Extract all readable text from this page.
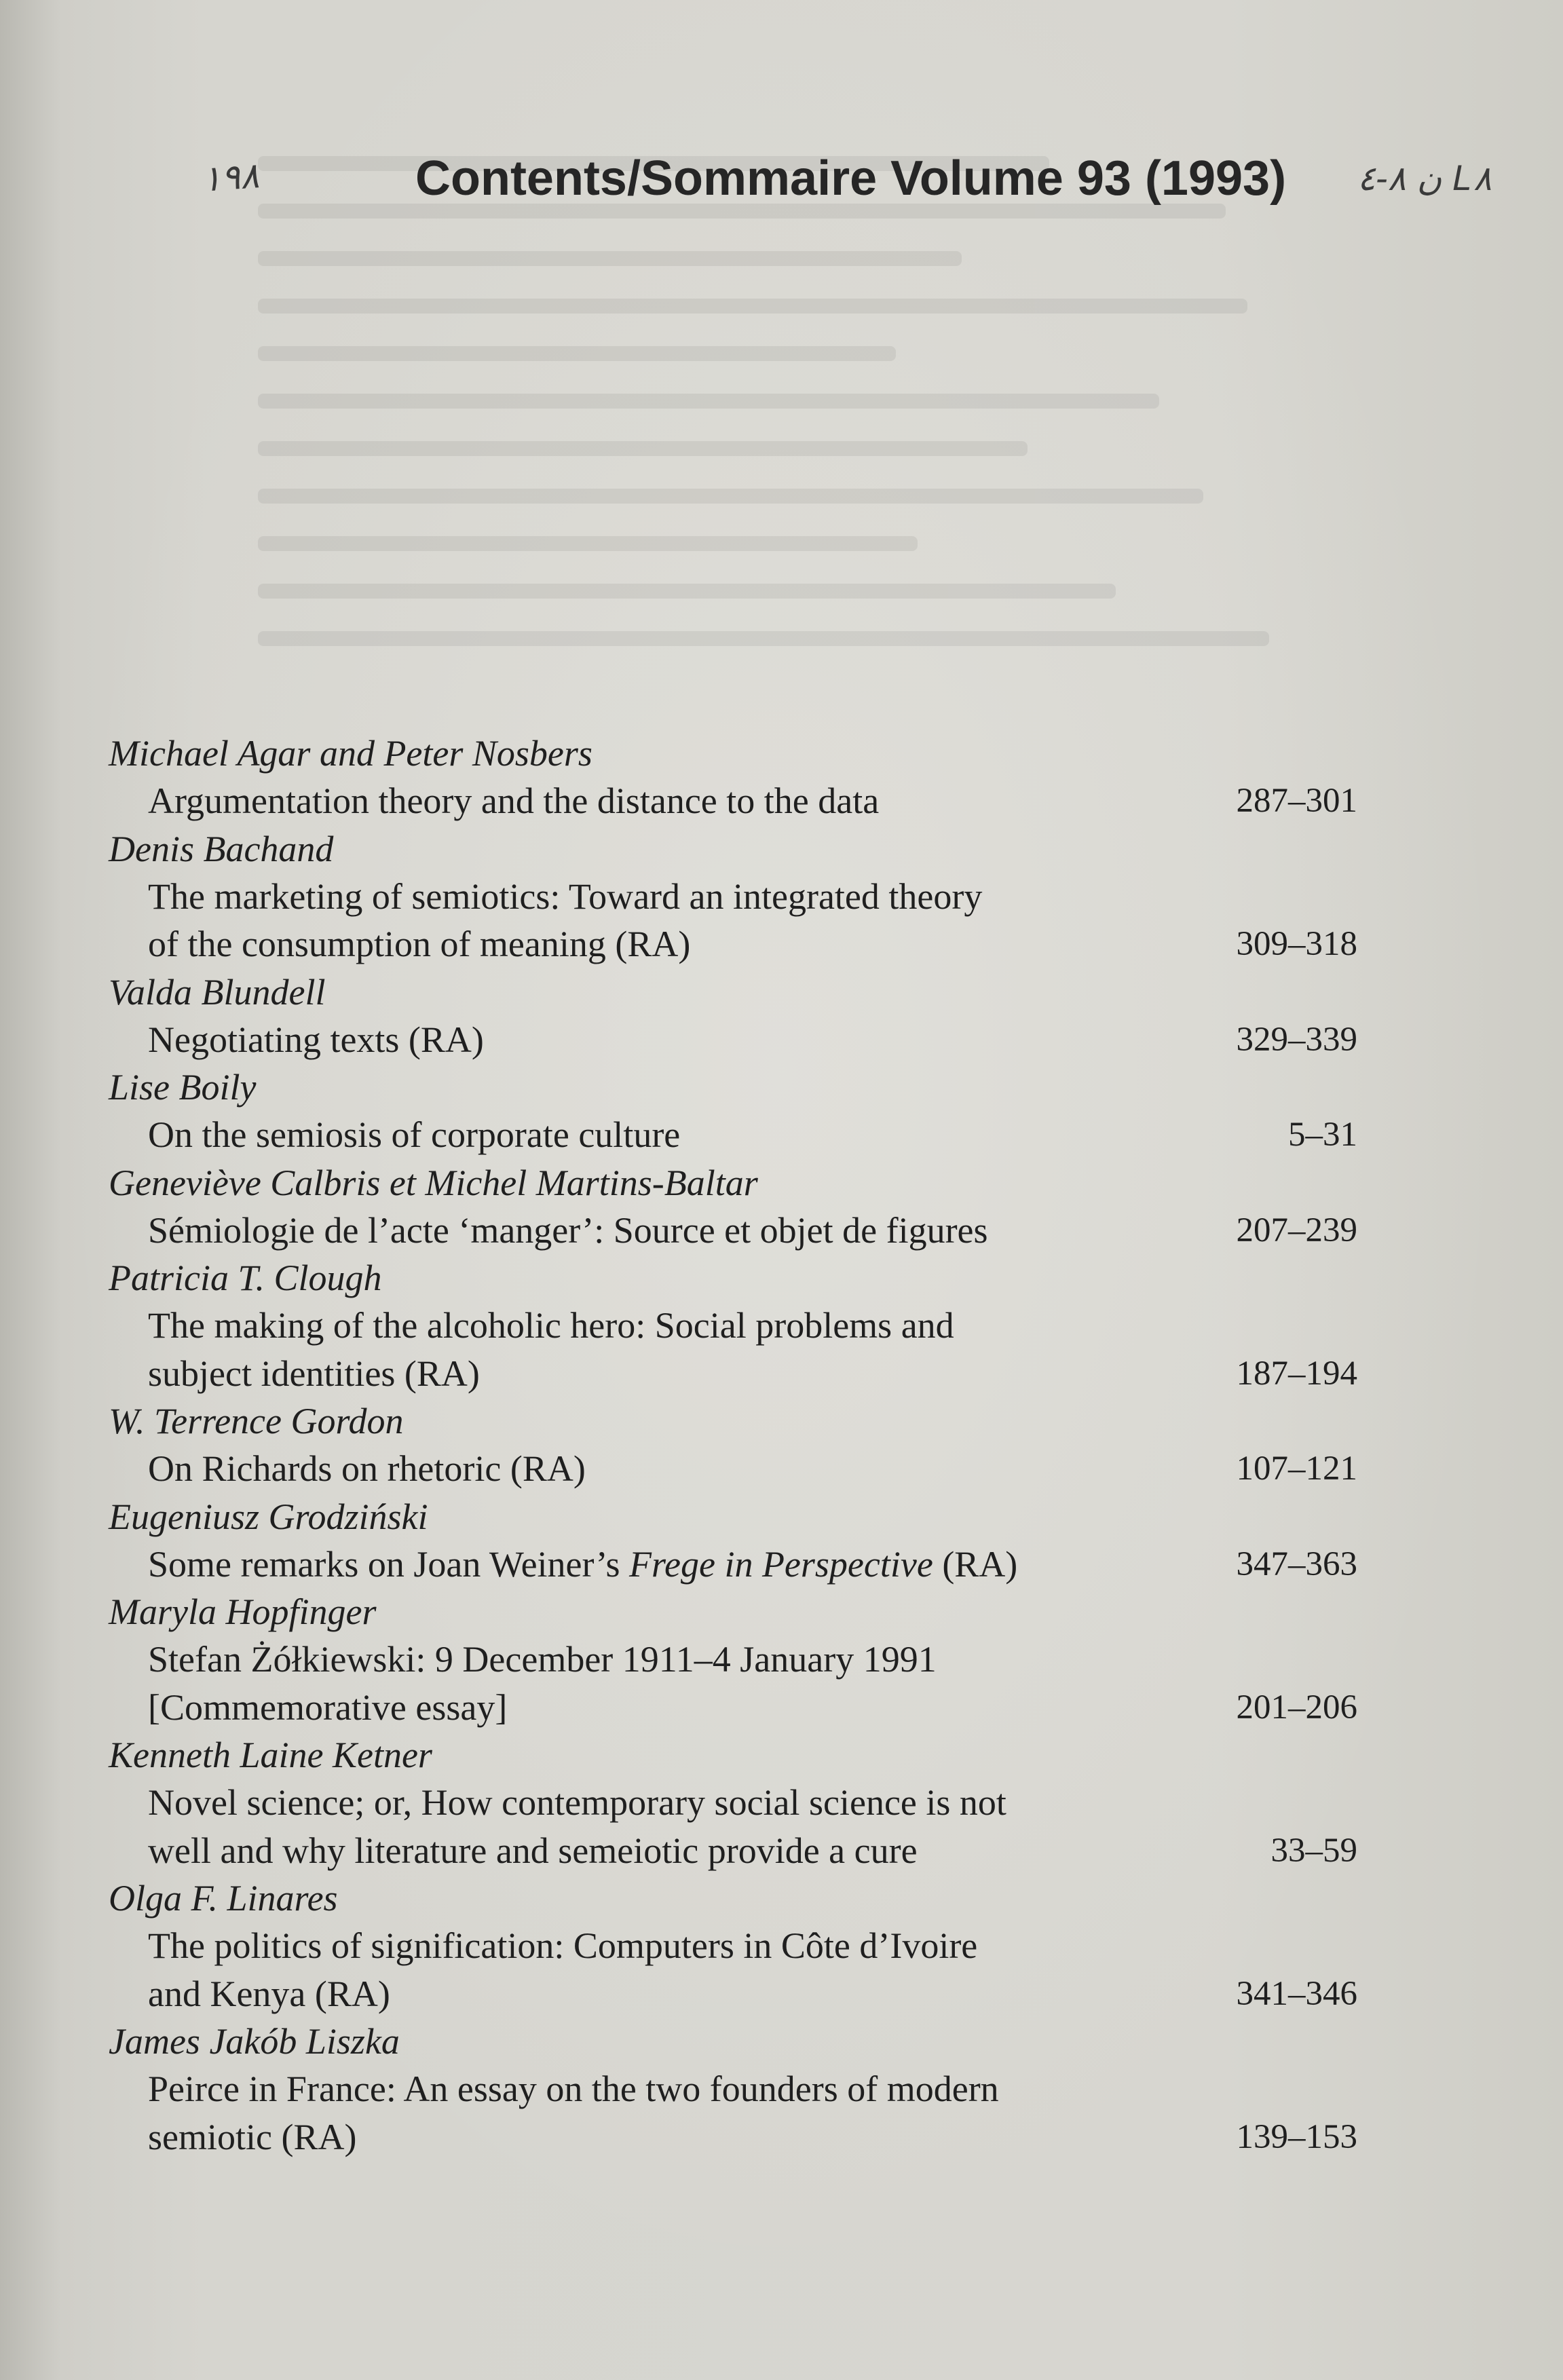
١٩٨	Contents/Sommaire Volume 93 (1993) ن ٨-٤ L٨
Michael Agar and Peter Nosbers
Argumentation theory and the distance to the data	287–301
Denis Bachand
The marketing of semiotics: Toward an integrated theory
of the consumption of meaning (RA)	309–318
Valda Blundell
Negotiating texts (RA)	329–339
Lise Boily
On the semiosis of corporate culture	5–31
Geneviève Calbris et Michel Martins-Baltar
Sémiologie de l’acte ‘manger’: Source et objet de figures	207–239
Patricia T. Clough
The making of the alcoholic hero: Social problems and
subject identities (RA)	187–194
W. Terrence Gordon
On Richards on rhetoric (RA)	107–121
Eugeniusz Grodziński
Some remarks on Joan Weiner’s Frege in Perspective (RA)	347–363
Maryla Hopfinger
Stefan Żółkiewski: 9 December 1911–4 January 1991
[Commemorative essay]	201–206
Kenneth Laine Ketner
Novel science; or, How contemporary social science is not
well and why literature and semeiotic provide a cure	33–59
Olga F. Linares
The politics of signification: Computers in Côte d’Ivoire
and Kenya (RA)	341–346
James Jakób Liszka
Peirce in France: An essay on the two founders of modern
semiotic (RA)	139–153
